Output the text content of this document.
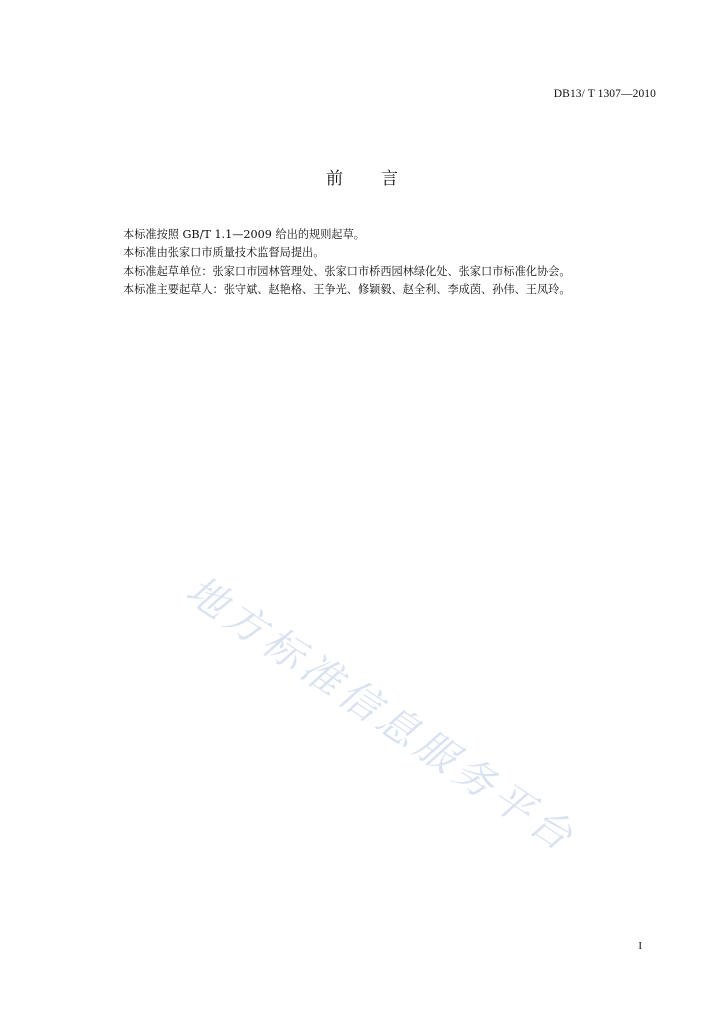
DB13/ T 1307—2010
前 言

本标准按照 GB/T 1.1—2009 给出的规则起草。

本标准由张家口市质量技术监督局提出。

本标准起草单位：张家口市园林管理处、张家口市桥西园林绿化处、张家口市标准化协会。

本标准主要起草人：张守斌、赵艳格、王争光、修颖毅、赵全利、李成茵、孙伟、王凤玲。

地方标准信息服务平台
I
